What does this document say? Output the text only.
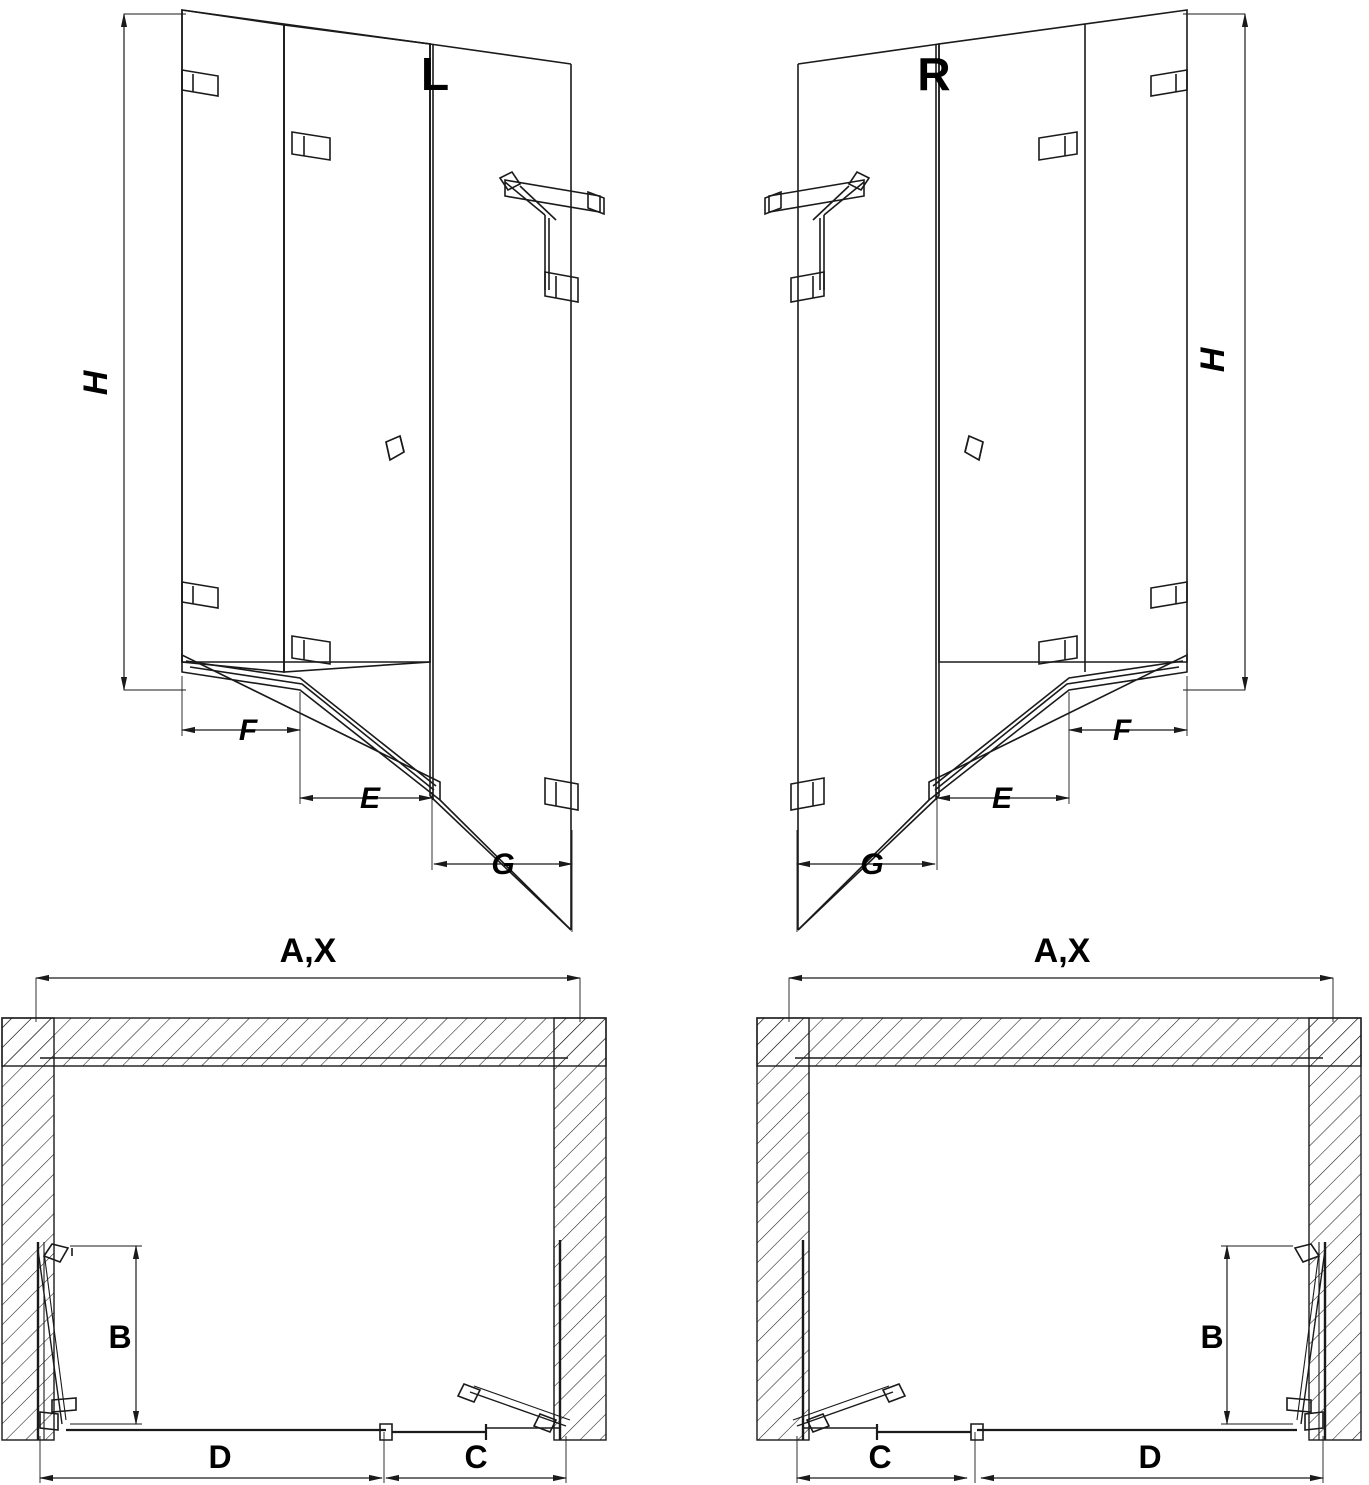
L	R
H
H
F
E
G
F
E
G
A,X	A,X
B	B
D	C	C	D
